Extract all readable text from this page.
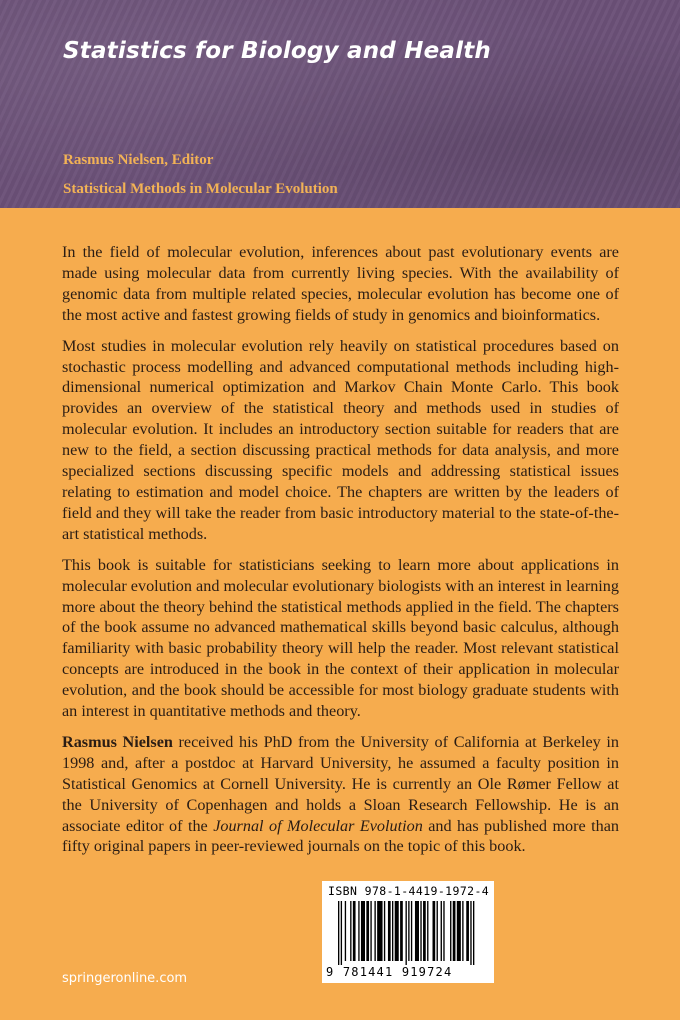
Statistics for Biology and Health
Rasmus Nielsen, Editor
Statistical Methods in Molecular Evolution

In the field of molecular evolution, inferences about past evolutionary events are made using molecular data from currently living species. With the availability of genomic data from multiple related species, molecular evolution has become one of the most active and fastest growing fields of study in genomics and bioinformatics.

Most studies in molecular evolution rely heavily on statistical procedures based on stochastic process modelling and advanced computational methods including high-dimensional numerical optimization and Markov Chain Monte Carlo. This book provides an overview of the statistical theory and methods used in studies of molecular evolution. It includes an introductory section suitable for readers that are new to the field, a section discussing practical methods for data analysis, and more specialized sections discussing specific models and addressing statistical issues relating to estimation and model choice. The chapters are written by the leaders of field and they will take the reader from basic introductory material to the state-of-the-art statistical methods.

This book is suitable for statisticians seeking to learn more about applications in molecular evolution and molecular evolutionary biologists with an interest in learning more about the theory behind the statistical methods applied in the field. The chapters of the book assume no advanced mathematical skills beyond basic calculus, although familiarity with basic probability theory will help the reader. Most relevant statistical concepts are introduced in the book in the context of their application in molecular evolution, and the book should be accessible for most biology graduate students with an interest in quantitative methods and theory.

Rasmus Nielsen received his PhD from the University of California at Berkeley in 1998 and, after a postdoc at Harvard University, he assumed a faculty position in Statistical Genomics at Cornell University. He is currently an Ole Rømer Fellow at the University of Copenhagen and holds a Sloan Research Fellowship. He is an associate editor of the Journal of Molecular Evolution and has published more than fifty original papers in peer-reviewed journals on the topic of this book.

springeronline.com
ISBN 978-1-4419-1972-4
9 781441 919724
